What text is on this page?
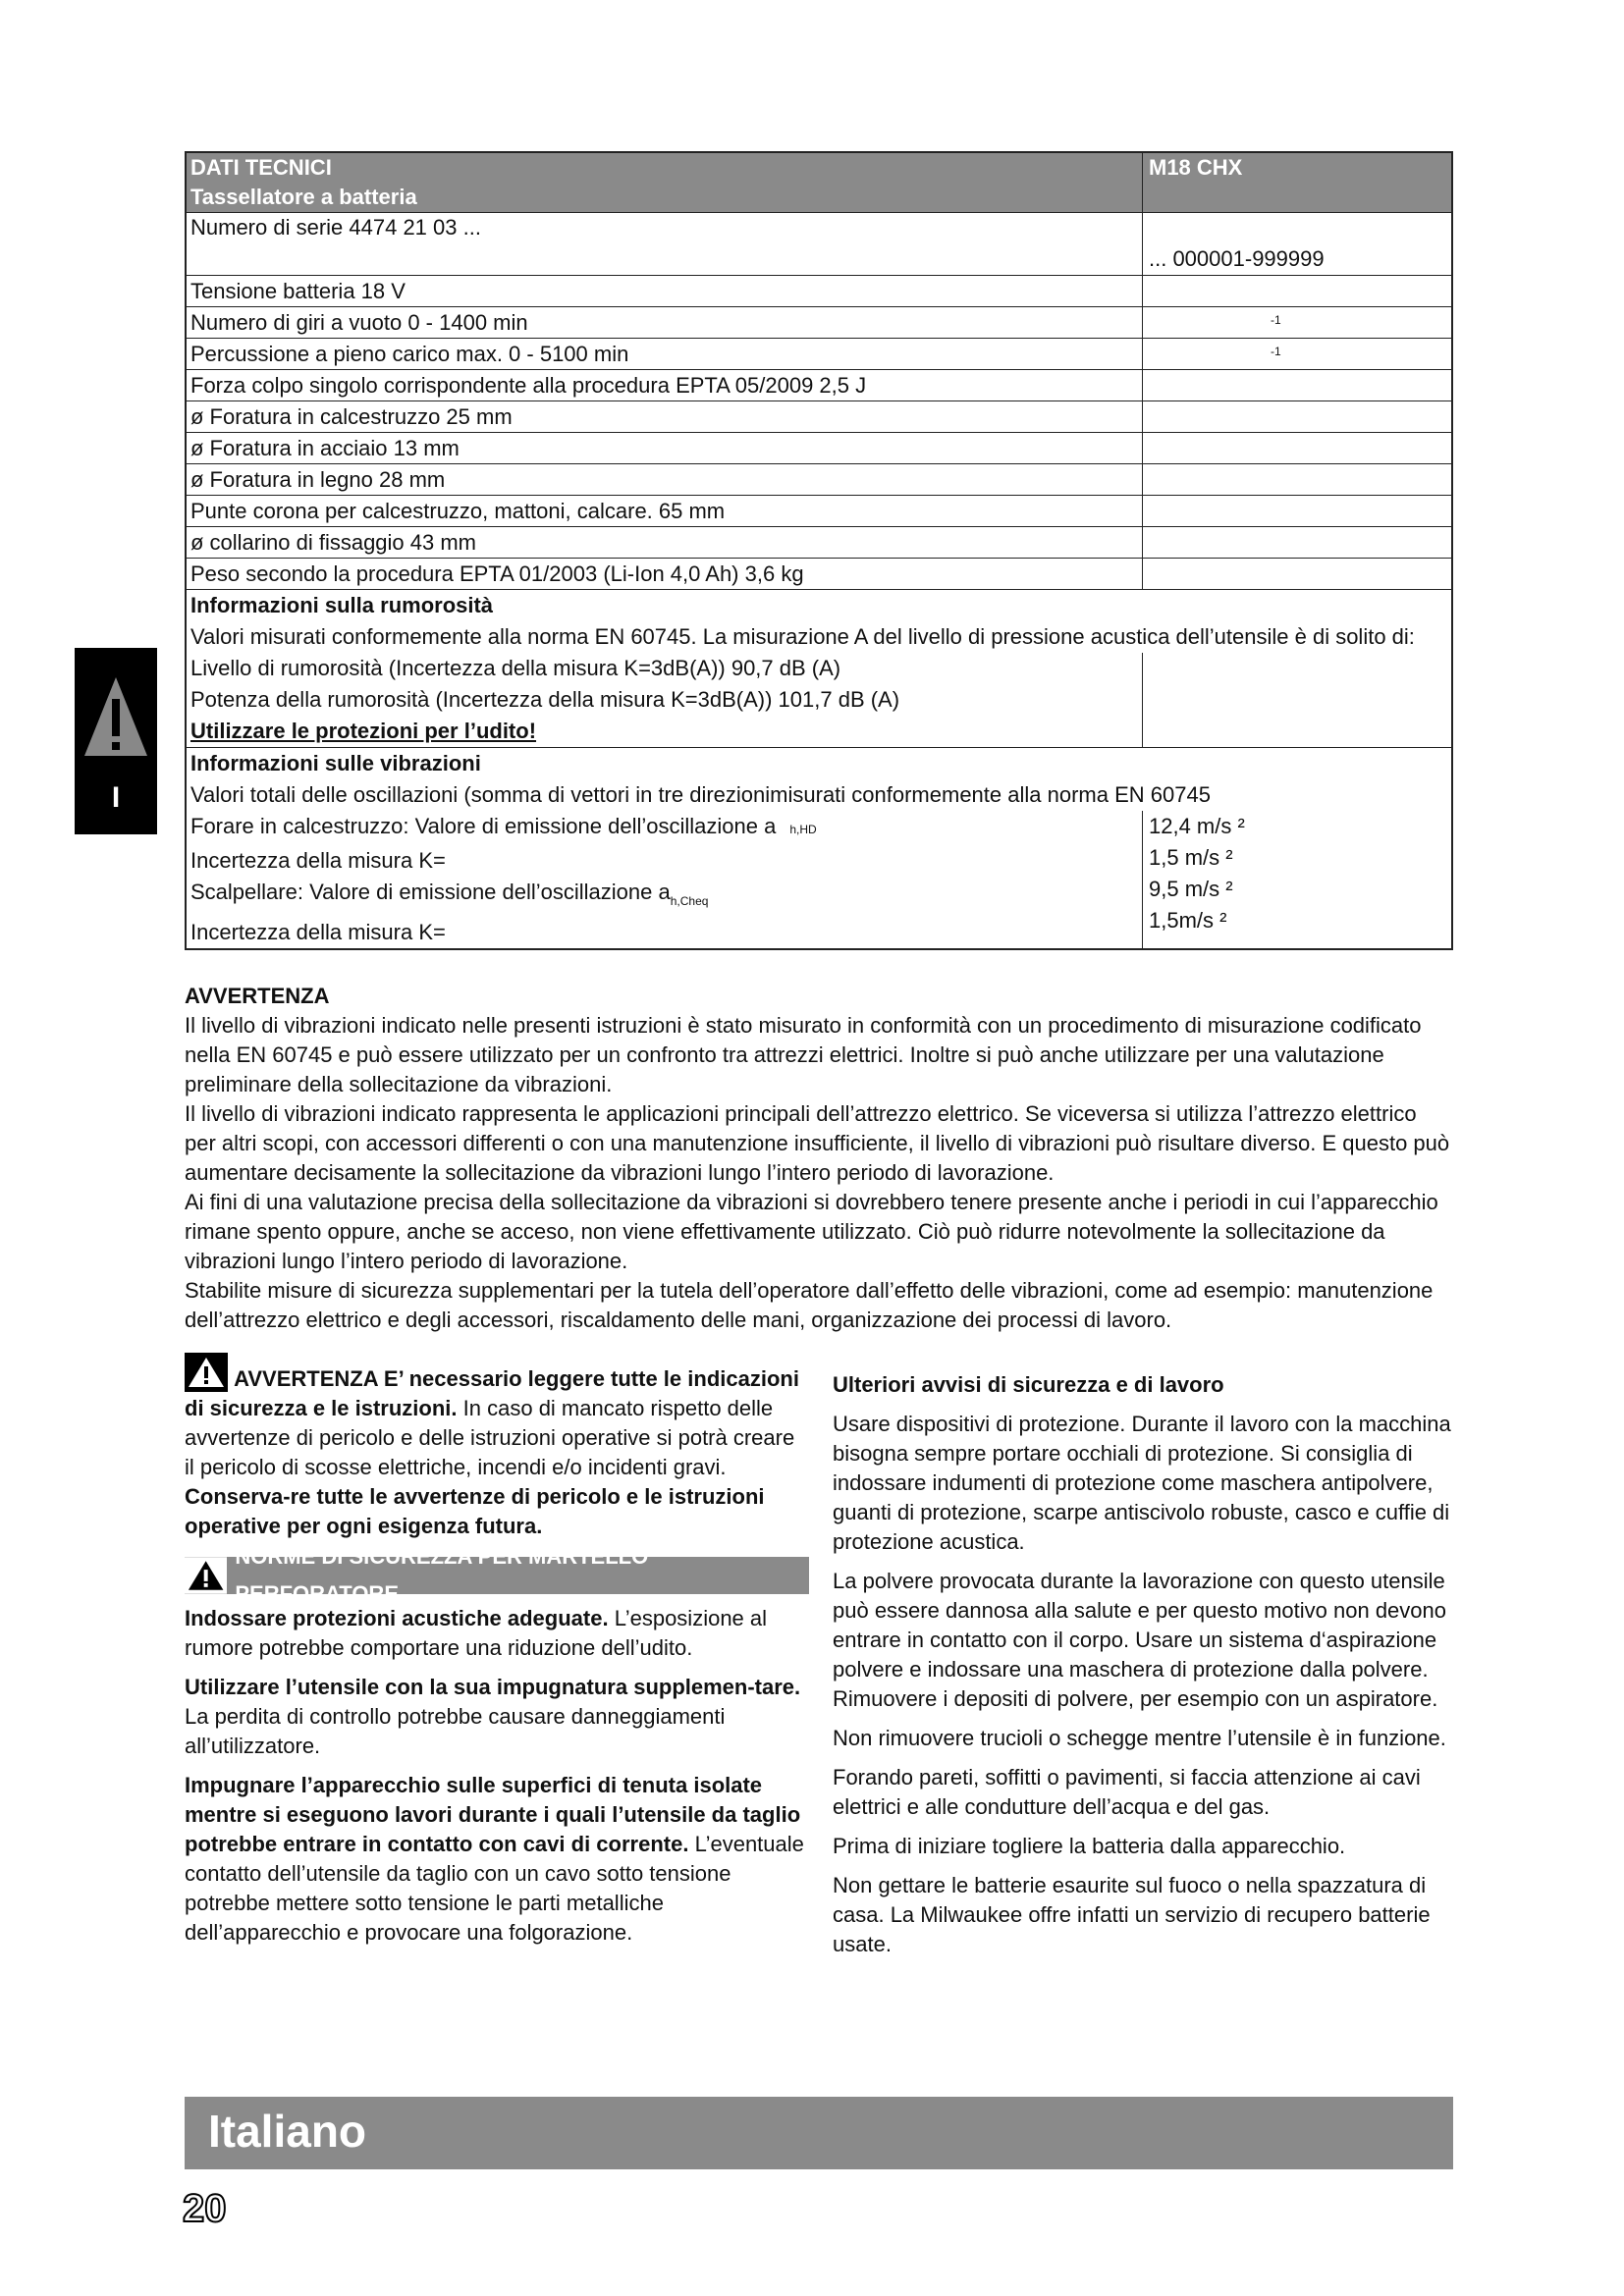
DATI TECNICI
Tassellatore a batteria
M18 CHX
Numero di serie 4474 21 03 ...
... 000001-999999
Tensione batteria 18 V
Numero di giri a vuoto 0 - 1400 min	-1
Percussione a pieno carico max. 0 - 5100 min	-1
Forza colpo singolo corrispondente alla procedura EPTA 05/2009 2,5 J
ø Foratura in calcestruzzo 25 mm
ø Foratura in acciaio 13 mm
ø Foratura in legno 28 mm
Punte corona per calcestruzzo, mattoni, calcare. 65 mm
ø collarino di fissaggio 43 mm
Peso secondo la procedura EPTA 01/2003 (Li-Ion 4,0 Ah) 3,6 kg
Informazioni sulla rumorosità
Valori misurati conformemente alla norma EN 60745. La misurazione A del livello di pressione acustica dell’utensile è di solito di:
Livello di rumorosità (Incertezza della misura K=3dB(A)) 90,7 dB (A)
Potenza della rumorosità (Incertezza della misura K=3dB(A)) 101,7 dB (A)
Utilizzare le protezioni per l’udito!
Informazioni sulle vibrazioni
Valori totali delle oscillazioni (somma di vettori in tre direzionimisurati conformemente alla norma EN 60745
Forare in calcestruzzo: Valore di emissione dell’oscillazione a h,HD
Incertezza della misura K=
Scalpellare: Valore di emissione dell’oscillazione $a_{h,Cheq}$
Incertezza della misura K=
12,4 m/s ²
1,5 m/s ²
9,5 m/s ²
1,5m/s ²
I

AVVERTENZA

Il livello di vibrazioni indicato nelle presenti istruzioni è stato misurato in conformità con un procedimento di misurazione codificato nella EN 60745 e può essere utilizzato per un confronto tra attrezzi elettrici. Inoltre si può anche utilizzare per una valutazione preliminare della sollecitazione da vibrazioni.

Il livello di vibrazioni indicato rappresenta le applicazioni principali dell’attrezzo elettrico. Se viceversa si utilizza l’attrezzo elettrico per altri scopi, con accessori differenti o con una manutenzione insufficiente, il livello di vibrazioni può risultare diverso. E questo può aumentare decisamente la sollecitazione da vibrazioni lungo l’intero periodo di lavorazione.

Ai fini di una valutazione precisa della sollecitazione da vibrazioni si dovrebbero tenere presente anche i periodi in cui l’apparecchio rimane spento oppure, anche se acceso, non viene effettivamente utilizzato. Ciò può ridurre notevolmente la sollecitazione da vibrazioni lungo l’intero periodo di lavorazione.

Stabilite misure di sicurezza supplementari per la tutela dell’operatore dall’effetto delle vibrazioni, come ad esempio: manutenzione dell’attrezzo elettrico e degli accessori, riscaldamento delle mani, organizzazione dei processi di lavoro.

AVVERTENZA E’ necessario leggere tutte le indicazioni di sicurezza e le istruzioni. In caso di mancato rispetto delle avvertenze di pericolo e delle istruzioni operative si potrà creare il pericolo di scosse elettriche, incendi e/o incidenti gravi. Conserva-re tutte le avvertenze di pericolo e le istruzioni operative per ogni esigenza futura.

NORME DI SICUREZZA PER MARTELLO PERFORATORE

Indossare protezioni acustiche adeguate. L’esposizione al rumore potrebbe comportare una riduzione dell’udito.

Utilizzare l’utensile con la sua impugnatura supplemen-tare. La perdita di controllo potrebbe causare danneggiamenti all’utilizzatore.

Impugnare l’apparecchio sulle superfici di tenuta isolate mentre si eseguono lavori durante i quali l’utensile da taglio potrebbe entrare in contatto con cavi di corrente. L’eventuale contatto dell’utensile da taglio con un cavo sotto tensione potrebbe mettere sotto tensione le parti metalliche dell’apparecchio e provocare una folgorazione.

Ulteriori avvisi di sicurezza e di lavoro

Usare dispositivi di protezione. Durante il lavoro con la macchina bisogna sempre portare occhiali di protezione. Si consiglia di indossare indumenti di protezione come maschera antipolvere, guanti di protezione, scarpe antiscivolo robuste, casco e cuffie di protezione acustica.

La polvere provocata durante la lavorazione con questo utensile può essere dannosa alla salute e per questo motivo non devono entrare in contatto con il corpo. Usare un sistema d‘aspirazione polvere e indossare una maschera di protezione dalla polvere. Rimuovere i depositi di polvere, per esempio con un aspiratore.

Non rimuovere trucioli o schegge mentre l’utensile è in funzione.

Forando pareti, soffitti o pavimenti, si faccia attenzione ai cavi elettrici e alle condutture dell’acqua e del gas.

Prima di iniziare togliere la batteria dalla apparecchio.

Non gettare le batterie esaurite sul fuoco o nella spazzatura di casa. La Milwaukee offre infatti un servizio di recupero batterie usate.

Italiano
20
